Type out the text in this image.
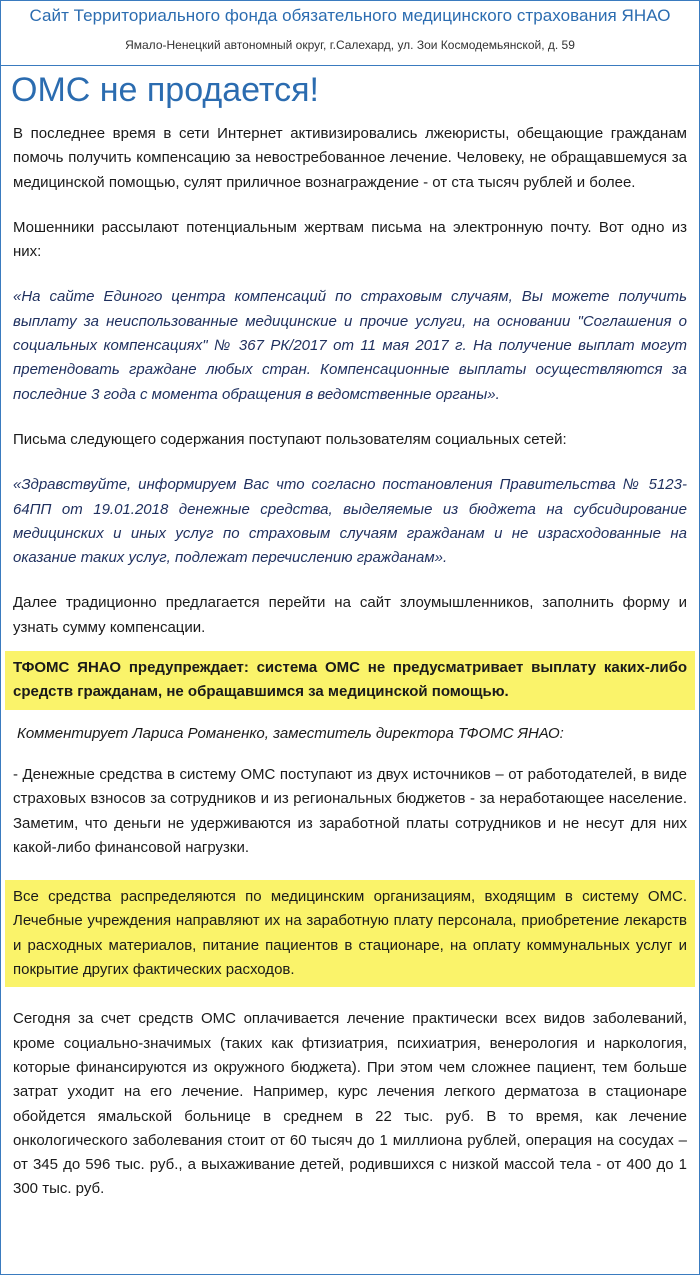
Сайт Территориального фонда обязательного медицинского страхования ЯНАО
Ямало-Ненецкий автономный округ, г.Салехард, ул. Зои Космодемьянской, д. 59
ОМС не продается!

В последнее время в сети Интернет активизировались лжеюристы, обещающие гражданам помочь получить компенсацию за невостребованное лечение. Человеку, не обращавшемуся за медицинской помощью, сулят приличное вознаграждение - от ста тысяч рублей и более.

Мошенники рассылают потенциальным жертвам письма на электронную почту. Вот одно из них:

«На сайте Единого центра компенсаций по страховым случаям, Вы можете получить выплату за неиспользованные медицинские и прочие услуги, на основании "Соглашения о социальных компенсациях" № 367 РК/2017 от 11 мая 2017 г. На получение выплат могут претендовать граждане любых стран. Компенсационные выплаты осуществляются за последние 3 года с момента обращения в ведомственные органы».

Письма следующего содержания поступают пользователям социальных сетей:

«Здравствуйте, информируем Вас что согласно постановления Правительства № 5123-64ПП от 19.01.2018 денежные средства, выделяемые из бюджета на субсидирование медицинских и иных услуг по страховым случаям гражданам и не израсходованные на оказание таких услуг, подлежат перечислению гражданам».

Далее традиционно предлагается перейти на сайт злоумышленников, заполнить форму и узнать сумму компенсации.

ТФОМС ЯНАО предупреждает: система ОМС не предусматривает выплату каких-либо средств гражданам, не обращавшимся за медицинской помощью.

Комментирует Лариса Романенко, заместитель директора ТФОМС ЯНАО:

- Денежные средства в систему ОМС поступают из двух источников – от работодателей, в виде страховых взносов за сотрудников и из региональных бюджетов - за неработающее население. Заметим, что деньги не удерживаются из заработной платы сотрудников и не несут для них какой-либо финансовой нагрузки.

Все средства распределяются по медицинским организациям, входящим в систему ОМС. Лечебные учреждения направляют их на заработную плату персонала, приобретение лекарств и расходных материалов, питание пациентов в стационаре, на оплату коммунальных услуг и покрытие других фактических расходов.

Сегодня за счет средств ОМС оплачивается лечение практически всех видов заболеваний, кроме социально-значимых (таких как фтизиатрия, психиатрия, венерология и наркология, которые финансируются из окружного бюджета). При этом чем сложнее пациент, тем больше затрат уходит на его лечение. Например, курс лечения легкого дерматоза в стационаре обойдется ямальской больнице в среднем в 22 тыс. руб. В то время, как лечение онкологического заболевания стоит от 60 тысяч до 1 миллиона рублей, операция на сосудах – от 345 до 596 тыс. руб., а выхаживание детей, родившихся с низкой массой тела - от 400 до 1 300 тыс. руб.
